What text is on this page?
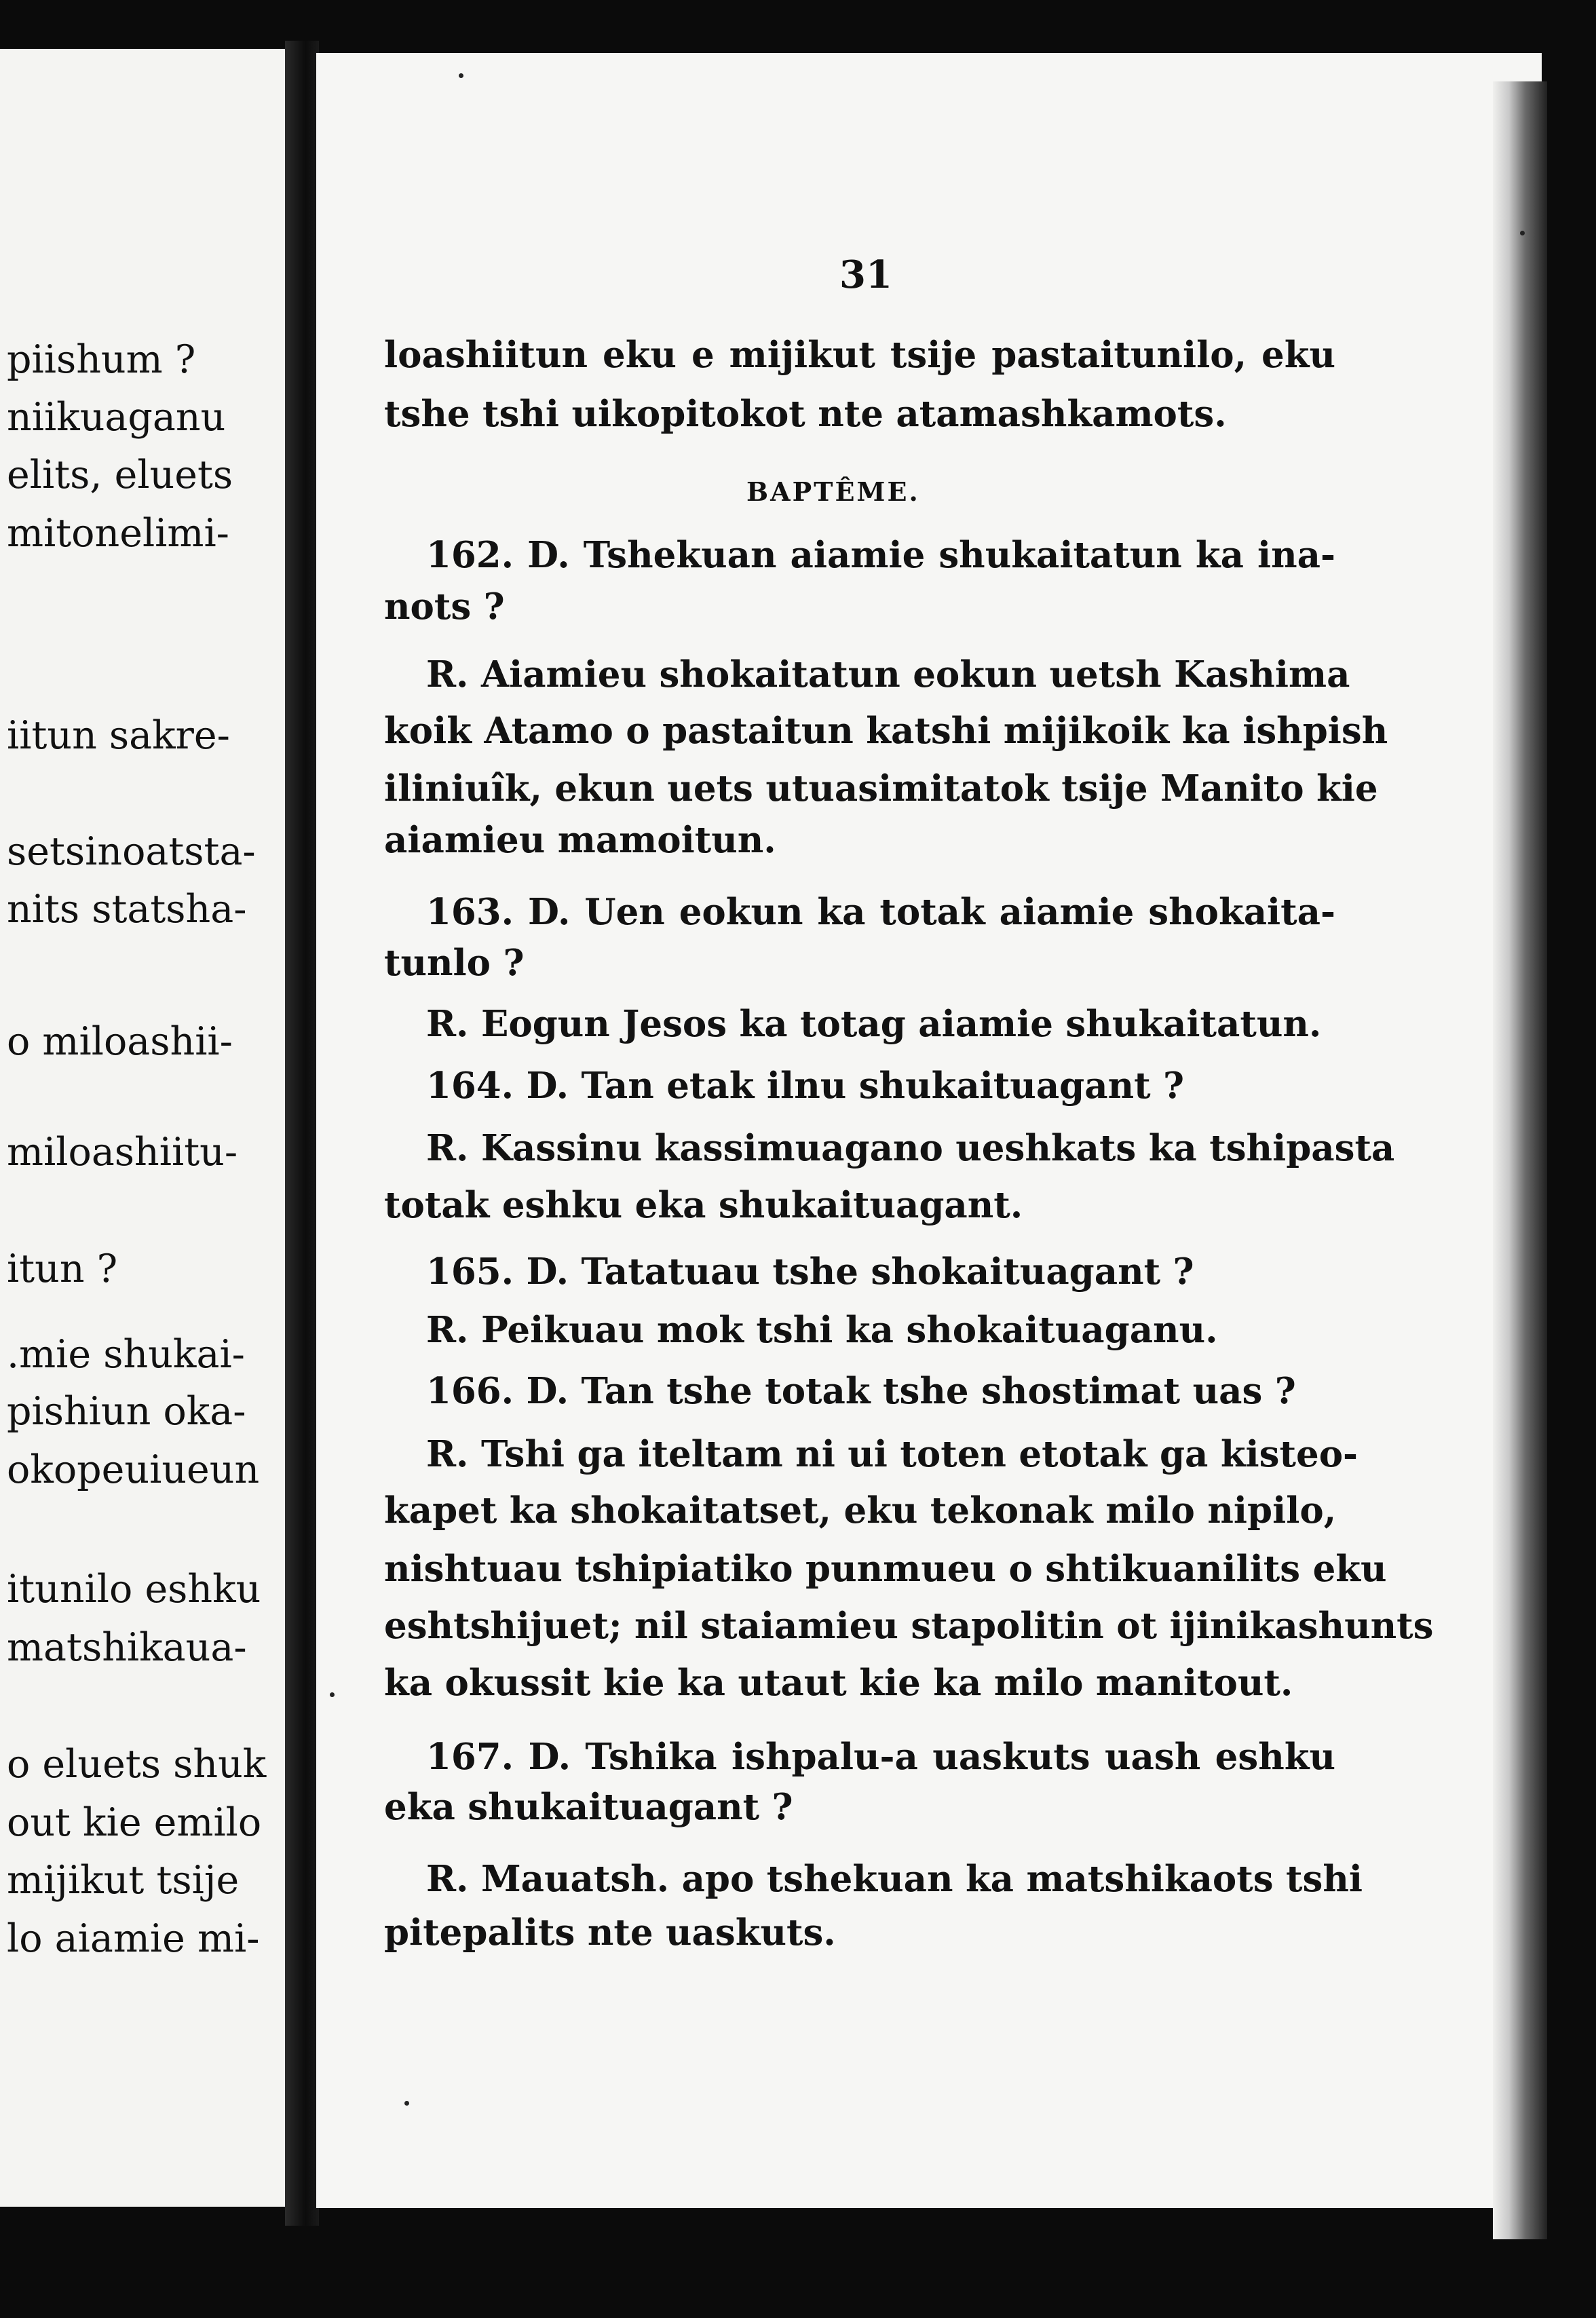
piishum ?
niikuaganu
elits, eluets
mitonelimi-
iitun sakre-
setsinoatsta-
nits statsha-
o miloashii-
miloashiitu-
itun ?
.mie shukai-
pishiun oka-
okopeuiueun
itunilo eshku
matshikaua-
o eluets shuk
out kie emilo
mijikut tsije
lo aiamie mi-
31
loashiitun eku e mijikut tsije pastaitunilo, eku
tshe tshi uikopitokot nte atamashkamots.
BAPTÊME.
162. D. Tshekuan aiamie shukaitatun ka ina-
nots ?
R. Aiamieu shokaitatun eokun uetsh Kashima
koik Atamo o pastaitun katshi mijikoik ka ishpish
iliniuîk, ekun uets utuasimitatok tsije Manito kie
aiamieu mamoitun.
163. D. Uen eokun ka totak aiamie shokaita-
tunlo ?
R. Eogun Jesos ka totag aiamie shukaitatun.
164. D. Tan etak ilnu shukaituagant ?
R. Kassinu kassimuagano ueshkats ka tshipasta
totak eshku eka shukaituagant.
165. D. Tatatuau tshe shokaituagant ?
R. Peikuau mok tshi ka shokaituaganu.
166. D. Tan tshe totak tshe shostimat uas ?
R. Tshi ga iteltam ni ui toten etotak ga kisteo-
kapet ka shokaitatset, eku tekonak milo nipilo,
nishtuau tshipiatiko punmueu o shtikuanilits eku
eshtshijuet; nil staiamieu stapolitin ot ijinikashunts
ka okussit kie ka utaut kie ka milo manitout.
167. D. Tshika ishpalu-a uaskuts uash eshku
eka shukaituagant ?
R. Mauatsh. apo tshekuan ka matshikaots tshi
pitepalits nte uaskuts.
